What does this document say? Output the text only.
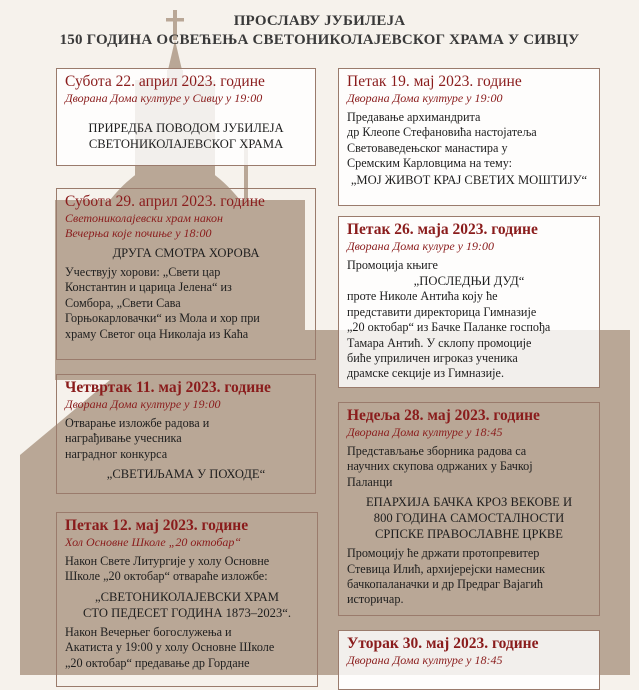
ПРОСЛАВУ ЈУБИЛЕЈА
150 ГОДИНА ОСВЕЋЕЊА СВЕТОНИКОЛАЈЕВСКОГ ХРАМА У СИВЦУ
Субота 22. април 2023. године
Дворана Дома културе у Сивцу у 19:00
ПРИРЕДБА ПОВОДОМ ЈУБИЛЕЈА
СВЕТОНИКОЛАЈЕВСКОГ ХРАМА
Субота 29. април 2023. године
Светониколајевски храм након
Вечерња које почиње у 18:00
ДРУГА СМОТРА ХОРОВА
Учествују хорови: „Свети цар
Константин и царица Јелена“ из
Сомбора, „Свети Сава
Горњокарловачки“ из Мола и хор при
храму Светог оца Николаја из Каћа
Четвртак 11. мај 2023. године
Дворана Дома културе у 19:00
Отварање изложбе радова и
награђивање учесника
наградног конкурса
„СВЕТИЉАМА У ПОХОДЕ“
Петак 12. мај 2023. године
Хол Основне Школе „20 октобар“
Након Свете Литургије у холу Основне
Школе „20 октобар“ отвараће изложбе:
„СВЕТОНИКОЛАЈЕВСКИ ХРАМ
СТО ПЕДЕСЕТ ГОДИНА 1873–2023“.
Након Вечерњег богослужења и
Акатиста у 19:00 у холу Основне Школе
„20 октобар“ предавање др Гордане
Петак 19. мај 2023. године
Дворана Дома културе у 19:00
Предавање архимандрита
др Клеопе Стефановића настојатеља
Световаведењског манастира у
Сремским Карловцима на тему:
„МОЈ ЖИВОТ КРАЈ СВЕТИХ МОШТИЈУ“
Петак 26. маја 2023. године
Дворана Дома кулуре у 19:00
Промоција књиге
„ПОСЛЕДЊИ ДУД“
проте Николе Антића коју ће
представити директорица Гимназије
„20 октобар“ из Бачке Паланке госпођа
Тамара Антић. У склопу промоције
биће уприличен игроказ ученика
драмске секције из Гимназије.
Недеља 28. мај 2023. године
Дворана Дома културе у 18:45
Представљање зборника радова са
научних скупова одржаних у Бачкој
Паланци
ЕПАРХИЈА БАЧКА КРОЗ ВЕКОВЕ И
800 ГОДИНА САМОСТАЛНОСТИ
СРПСКЕ ПРАВОСЛАВНЕ ЦРКВЕ
Промоцију ће држати протопревитер
Стевица Илић, архијерејски намесник
бачкопаланачки и др Предраг Вајагић
историчар.
Уторак 30. мај 2023. године
Дворана Дома културе у 18:45
